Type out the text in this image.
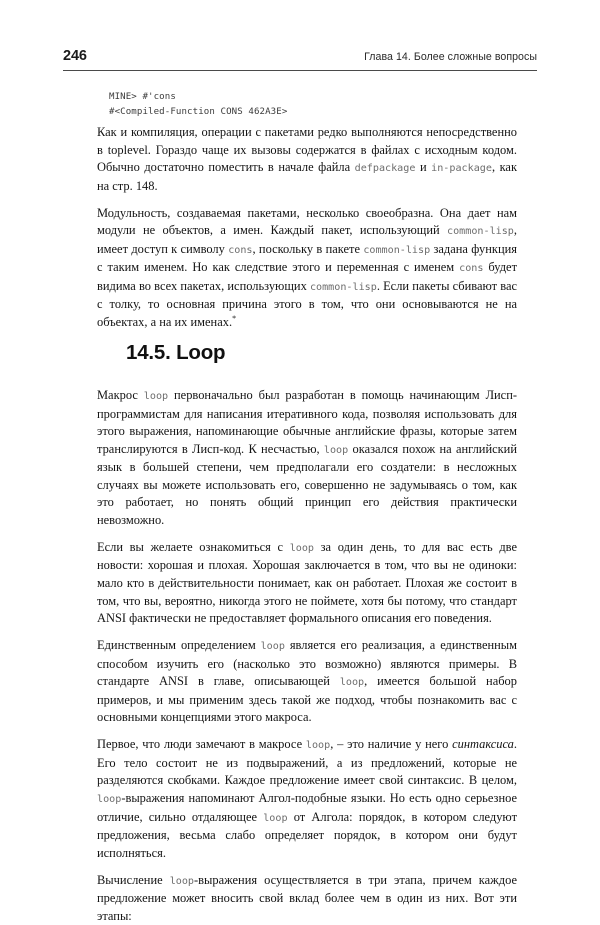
246	Глава 14. Более сложные вопросы
MINE> #'cons
#<Compiled-Function CONS 462A3E>

Как и компиляция, операции с пакетами редко выполняются непосредственно в toplevel. Гораздо чаще их вызовы содержатся в файлах с исходным кодом. Обычно достаточно поместить в начале файла defpackage и in-package, как на стр. 148.

Модульность, создаваемая пакетами, несколько своеобразна. Она дает нам модули не объектов, а имен. Каждый пакет, использующий common-lisp, имеет доступ к символу cons, поскольку в пакете common-lisp задана функция с таким именем. Но как следствие этого и переменная с именем cons будет видима во всех пакетах, использующих common-lisp. Если пакеты сбивают вас с толку, то основная причина этого в том, что они основываются не на объектах, а на их именах.*

14.5. Loop

Макрос loop первоначально был разработан в помощь начинающим Лисп-программистам для написания итеративного кода, позволяя использовать для этого выражения, напоминающие обычные английские фразы, которые затем транслируются в Лисп-код. К несчастью, loop оказался похож на английский язык в большей степени, чем предполагали его создатели: в несложных случаях вы можете использовать его, совершенно не задумываясь о том, как это работает, но понять общий принцип его действия практически невозможно.

Если вы желаете ознакомиться с loop за один день, то для вас есть две новости: хорошая и плохая. Хорошая заключается в том, что вы не одиноки: мало кто в действительности понимает, как он работает. Плохая же состоит в том, что вы, вероятно, никогда этого не поймете, хотя бы потому, что стандарт ANSI фактически не предоставляет формального описания его поведения.

Единственным определением loop является его реализация, а единственным способом изучить его (насколько это возможно) являются примеры. В стандарте ANSI в главе, описывающей loop, имеется большой набор примеров, и мы применим здесь такой же подход, чтобы познакомить вас с основными концепциями этого макроса.

Первое, что люди замечают в макросе loop, – это наличие у него синтаксиса. Его тело состоит не из подвыражений, а из предложений, которые не разделяются скобками. Каждое предложение имеет свой синтаксис. В целом, loop-выражения напоминают Алгол-подобные языки. Но есть одно серьезное отличие, сильно отдаляющее loop от Алгола: порядок, в котором следуют предложения, весьма слабо определяет порядок, в котором они будут исполняться.

Вычисление loop-выражения осуществляется в три этапа, причем каждое предложение может вносить свой вклад более чем в один из них. Вот эти этапы:
